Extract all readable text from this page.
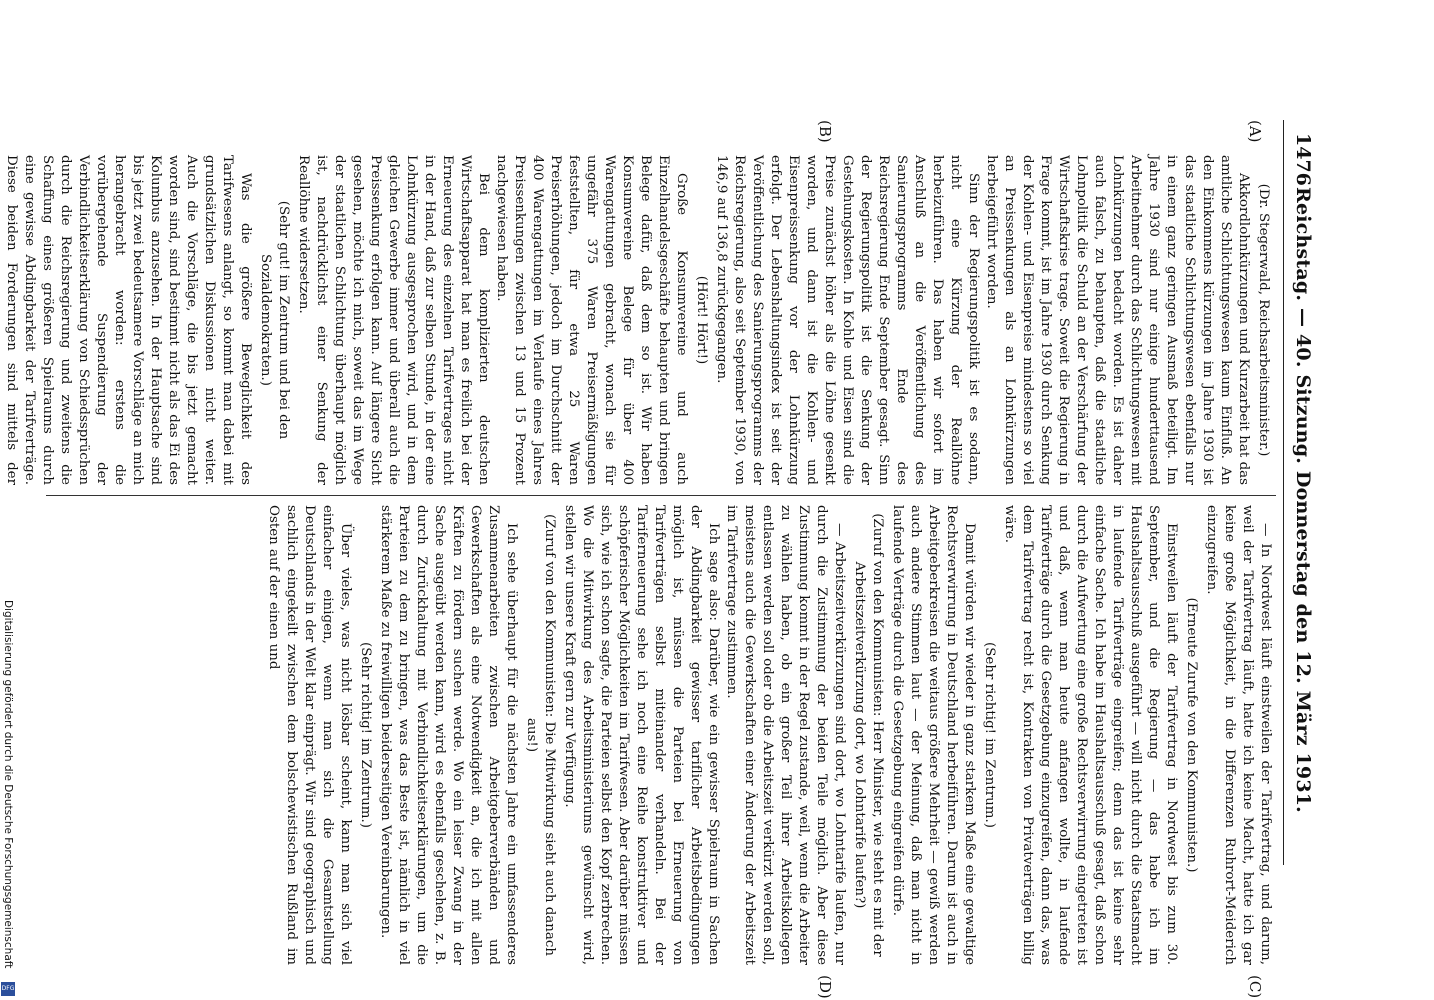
1476
Reichstag. — 40. Sitzung. Donnerstag den 12. März 1931.
(A)
(B)
(C)
(D)

(Dr. Stegerwald, Reichsarbeitsminister.)

Akkordlohnkürzungen und Kurzarbeit hat das amtliche Schlichtungswesen kaum Einfluß. An den Einkommens kürzungen im Jahre 1930 ist das staatliche Schlichtungswesen ebenfalls nur in einem ganz geringen Ausmaß beteiligt. Im Jahre 1930 sind nur einige hunderttausend Arbeitnehmer durch das Schlichtungswesen mit Lohnkürzungen bedacht worden. Es ist daher auch falsch, zu behaupten, daß die staatliche Lohnpolitik die Schuld an der Verschärfung der Wirtschaftskrise trage. Soweit die Regierung in Frage kommt, ist im Jahre 1930 durch Senkung der Kohlen- und Eisenpreise mindestens so viel an Preissenkungen als an Lohnkürzungen herbeigeführt worden.

Sinn der Regierungspolitik ist es sodann, nicht eine Kürzung der Reallöhne herbeizuführen. Das haben wir sofort im Anschluß an die Veröffentlichung des Sanierungsprogramms Ende des Reichsregierung Ende September gesagt. Sinn der Regierungspolitik ist die Senkung der Gestehungskosten. In Kohle und Eisen sind die Preise zunächst höher als die Löhne gesenkt worden, und dann ist die Kohlen- und Eisenpreissenkung vor der Lohnkürzung erfolgt. Der Lebenshaltungsindex ist seit der Veröffentlichung des Sanierungsprogramms der Reichsregierung, also seit September 1930, von 146,9 auf 136,8 zurückgegangen.

(Hört! Hört!)

Große Konsumvereine und auch Einzelhandelsgeschäfte behaupten und bringen Belege dafür, daß dem so ist. Wir haben Konsumvereine Belege für über 400 Warengattungen gebracht, wonach sie für ungefähr 375 Waren Preisermäßigungen feststellten, für etwa 25 Waren Preiserhöhungen, jedoch im Durchschnitt der 400 Warengattungen im Verlaufe eines Jahres Preissenkungen zwischen 13 und 15 Prozent nachgewiesen haben.

Bei dem komplizierten deutschen Wirtschaftsapparat hat man es freilich bei der Erneuerung des einzelnen Tarifvertrages nicht in der Hand, daß zur selben Stunde, in der eine Lohnkürzung ausgesprochen wird, und in dem gleichen Gewerbe immer und überall auch die Preissenkung erfolgen kann. Auf längere Sicht gesehen, möchte ich mich, soweit das im Wege der staatlichen Schlichtung überhaupt möglich ist, nachdrücklichst einer Senkung der Reallöhne widersetzen.

(Sehr gut! im Zentrum und bei den Sozialdemokraten.)

Was die größere Beweglichkeit des Tarifwesens anlangt, so kommt man dabei mit grundsätzlichen Diskussionen nicht weiter. Auch die Vorschläge, die bis jetzt gemacht worden sind, sind bestimmt nicht als das Ei des Kolumbus anzusehen. In der Hauptsache sind bis jetzt zwei bedeutsamere Vorschläge an mich herangebracht worden: erstens die vorübergehende Suspendierung der Verbindlichkeitserklärung von Schiedssprüchen durch die Reichsregierung und zweitens die Schaffung eines größeren Spielraums durch eine gewisse Abdingbarkeit der Tarifverträge. Diese beiden Forderungen sind mittels der

— In Nordwest läuft einstweilen der Tarifvertrag, und darum, weil der Tarifvertrag läuft, hatte ich keine Macht, hatte ich gar keine große Möglichkeit, in die Differenzen Ruhrort-Meiderich einzugreifen.

(Erneute Zurufe von den Kommunisten.)

Einstweilen läuft der Tarifvertrag in Nordwest bis zum 30. September, und die Regierung — das habe ich im Haushaltsausschuß ausgeführt — will nicht durch die Staatsmacht in laufende Tarifverträge eingreifen; denn das ist keine sehr einfache Sache. Ich habe im Haushaltsausschuß gesagt, daß schon durch die Aufwertung eine große Rechtsverwirrung eingetreten ist und daß, wenn man heute anfangen wollte, in laufende Tarifverträge durch die Gesetzgebung einzugreifen, dann das, was dem Tarifvertrag recht ist, Kontrakten von Privatverträgen billig wäre.

(Sehr richtig! im Zentrum.)

Damit würden wir wieder in ganz starkem Maße eine gewaltige Rechtsverwirrung in Deutschland herbeiführen. Darum ist auch in Arbeitgeberkreisen die weitaus größere Mehrheit — gewiß werden auch andere Stimmen laut — der Meinung, daß man nicht in laufende Verträge durch die Gesetzgebung eingreifen dürfe.

(Zuruf von den Kommunisten: Herr Minister, wie steht es mit der Arbeitszeitverkürzung dort, wo Lohntarife laufen?)

— Arbeitszeitverkürzungen sind dort, wo Lohntarife laufen, nur durch die Zustimmung der beiden Teile möglich. Aber diese Zustimmung kommt in der Regel zustande, weil, wenn die Arbeiter zu wählen haben, ob ein großer Teil ihrer Arbeitskollegen entlassen werden soll oder ob die Arbeitszeit verkürzt werden soll, meistens auch die Gewerkschaften einer Änderung der Arbeitszeit im Tarifvertrage zustimmen.

Ich sage also: Darüber, wie ein gewisser Spielraum in Sachen der Abdingbarkeit gewisser tariflicher Arbeitsbedingungen möglich ist, müssen die Parteien bei Erneuerung von Tarifverträgen selbst miteinander verhandeln. Bei der Tariferneuerung sehe ich noch eine Reihe konstruktiver und schöpferischer Möglichkeiten im Tarifwesen. Aber darüber müssen sich, wie ich schon sagte, die Parteien selbst den Kopf zerbrechen. Wo die Mitwirkung des Arbeitsministeriums gewünscht wird, stellen wir unsere Kraft gern zur Verfügung.

(Zuruf von den Kommunisten: Die Mitwirkung sieht auch danach aus!)

Ich sehe überhaupt für die nächsten Jahre ein umfassenderes Zusammenarbeiten zwischen Arbeitgeberverbänden und Gewerkschaften als eine Notwendigkeit an, die ich mit allen Kräften zu fördern suchen werde. Wo ein leiser Zwang in der Sache ausgeübt werden kann, wird es ebenfalls geschehen, z. B. durch Zurückhaltung mit Verbindlichkeitserklärungen, um die Parteien zu dem zu bringen, was das Beste ist, nämlich in viel stärkerem Maße zu freiwilligen beiderseitigen Vereinbarungen.

(Sehr richtig! im Zentrum.)

Über vieles, was nicht lösbar scheint, kann man sich viel einfacher einigen, wenn man sich die Gesamtstellung Deutschlands in der Welt klar einprägt. Wir sind geographisch und sachlich eingekeilt zwischen dem bolschewistischen Rußland im Osten auf der einen und

Digitalisierung gefördert durch die Deutsche Forschungsgemeinschaft
DFG
